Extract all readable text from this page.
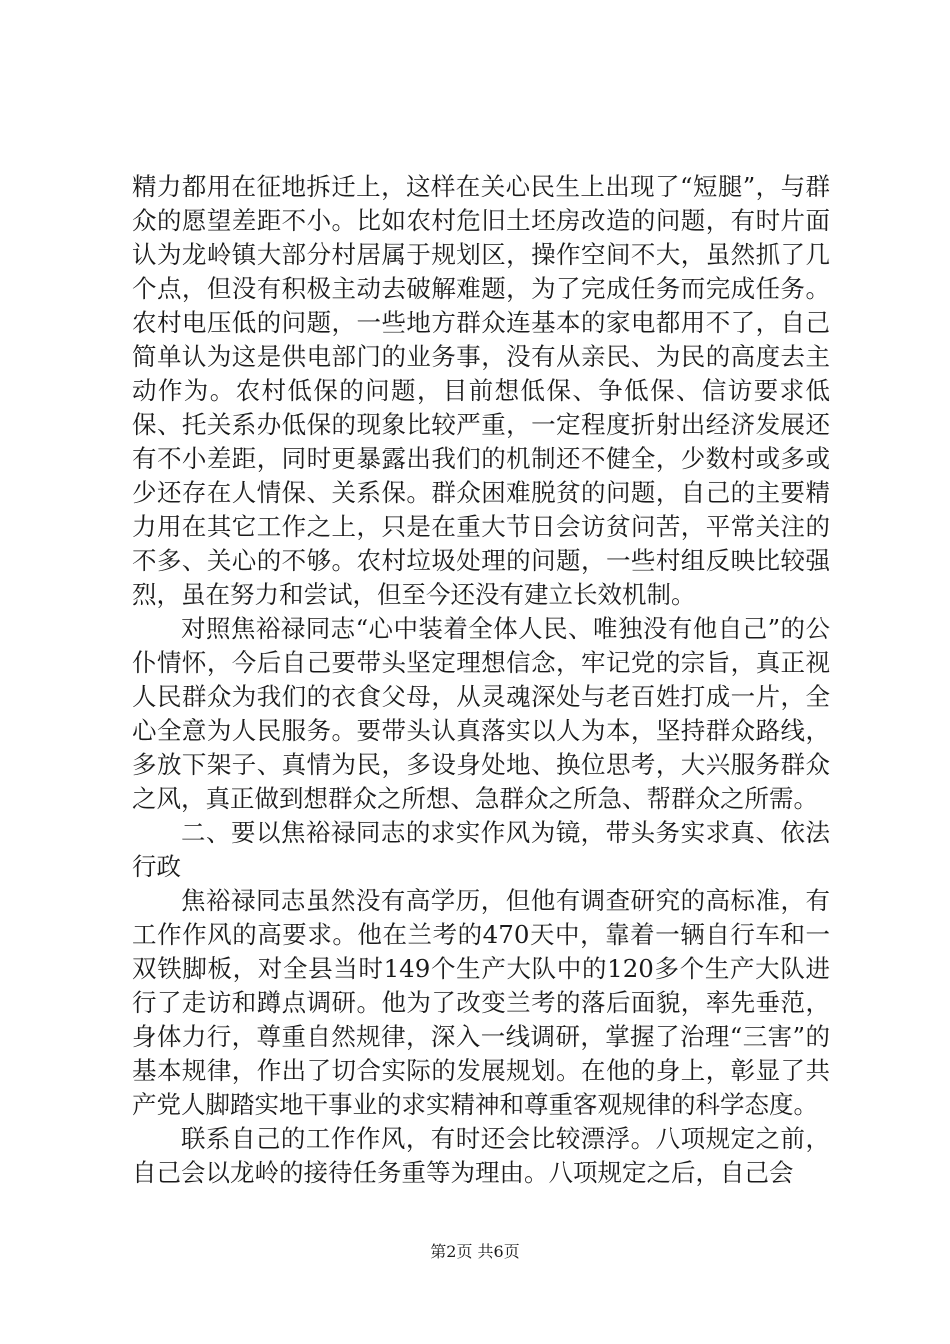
精力都用在征地拆迁上，这样在关心民生上出现了“短腿”，与群众的愿望差距不小。比如农村危旧土坯房改造的问题，有时片面认为龙岭镇大部分村居属于规划区，操作空间不大，虽然抓了几个点，但没有积极主动去破解难题，为了完成任务而完成任务。农村电压低的问题，一些地方群众连基本的家电都用不了，自己简单认为这是供电部门的业务事，没有从亲民、为民的高度去主动作为。农村低保的问题，目前想低保、争低保、信访要求低保、托关系办低保的现象比较严重，一定程度折射出经济发展还有不小差距，同时更暴露出我们的机制还不健全，少数村或多或少还存在人情保、关系保。群众困难脱贫的问题，自己的主要精力用在其它工作之上，只是在重大节日会访贫问苦，平常关注的不多、关心的不够。农村垃圾处理的问题，一些村组反映比较强烈，虽在努力和尝试，但至今还没有建立长效机制。

对照焦裕禄同志“心中装着全体人民、唯独没有他自己”的公仆情怀，今后自己要带头坚定理想信念，牢记党的宗旨，真正视人民群众为我们的衣食父母，从灵魂深处与老百姓打成一片，全心全意为人民服务。要带头认真落实以人为本，坚持群众路线，多放下架子、真情为民，多设身处地、换位思考，大兴服务群众之风，真正做到想群众之所想、急群众之所急、帮群众之所需。

二、要以焦裕禄同志的求实作风为镜，带头务实求真、依法行政

焦裕禄同志虽然没有高学历，但他有调查研究的高标准，有工作作风的高要求。他在兰考的470天中，靠着一辆自行车和一双铁脚板，对全县当时149个生产大队中的120多个生产大队进行了走访和蹲点调研。他为了改变兰考的落后面貌，率先垂范，身体力行，尊重自然规律，深入一线调研，掌握了治理“三害”的基本规律，作出了切合实际的发展规划。在他的身上，彰显了共产党人脚踏实地干事业的求实精神和尊重客观规律的科学态度。

联系自己的工作作风，有时还会比较漂浮。八项规定之前，自己会以龙岭的接待任务重等为理由。八项规定之后，自己会

第2页 共6页
